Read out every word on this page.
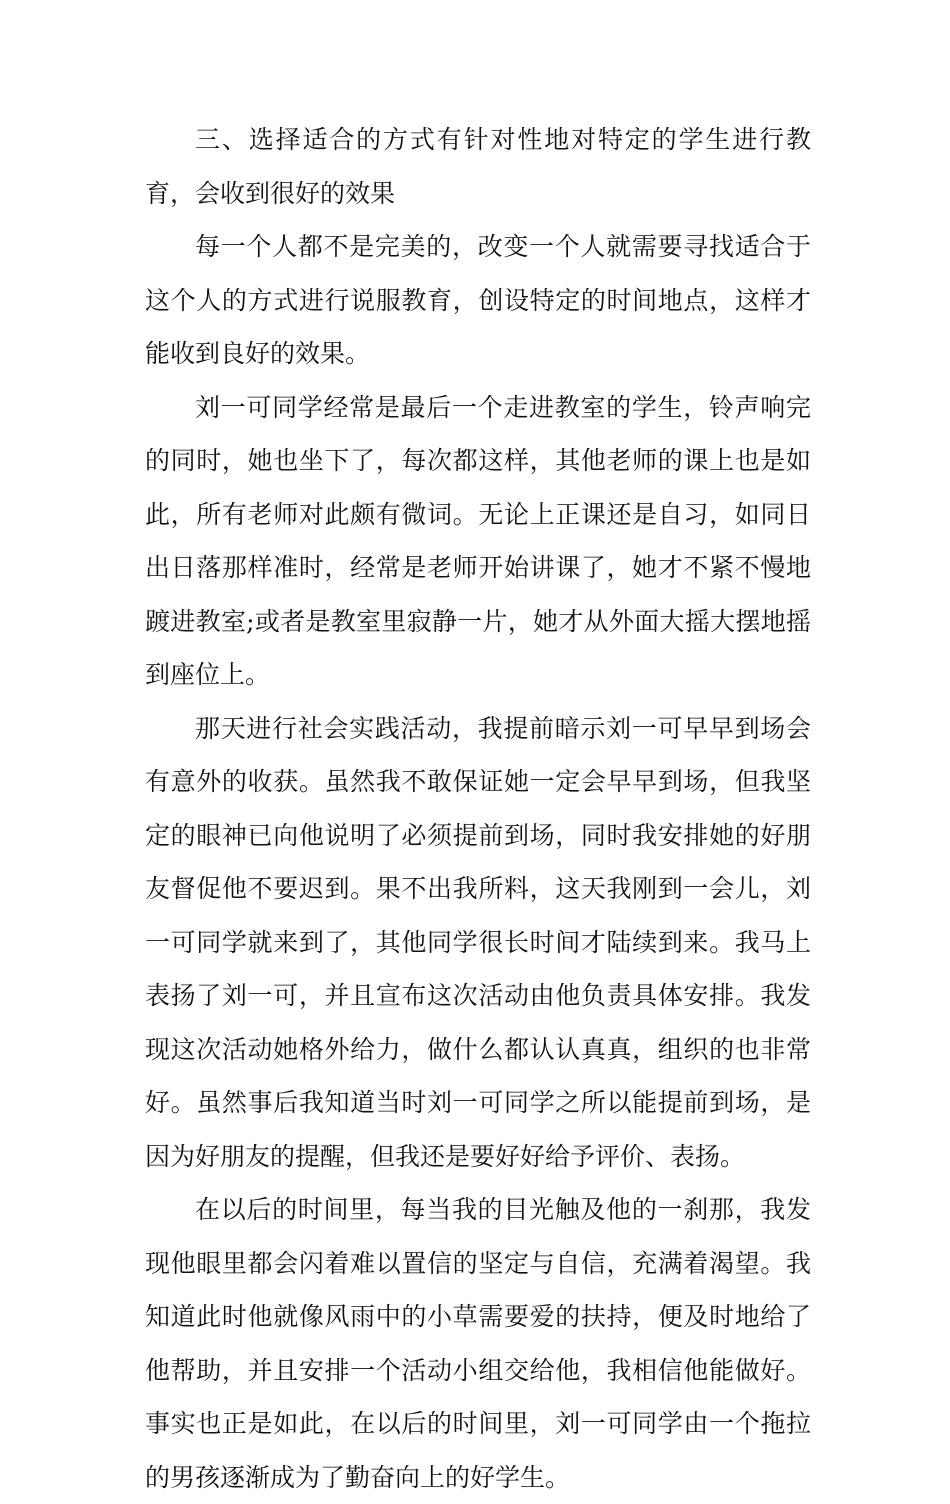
三、选择适合的方式有针对性地对特定的学生进行教育，会收到很好的效果

每一个人都不是完美的，改变一个人就需要寻找适合于这个人的方式进行说服教育，创设特定的时间地点，这样才能收到良好的效果。

刘一可同学经常是最后一个走进教室的学生，铃声响完的同时，她也坐下了，每次都这样，其他老师的课上也是如此，所有老师对此颇有微词。无论上正课还是自习，如同日出日落那样准时，经常是老师开始讲课了，她才不紧不慢地踱进教室;或者是教室里寂静一片，她才从外面大摇大摆地摇到座位上。

那天进行社会实践活动，我提前暗示刘一可早早到场会有意外的收获。虽然我不敢保证她一定会早早到场，但我坚定的眼神已向他说明了必须提前到场，同时我安排她的好朋友督促他不要迟到。果不出我所料，这天我刚到一会儿，刘一可同学就来到了，其他同学很长时间才陆续到来。我马上表扬了刘一可，并且宣布这次活动由他负责具体安排。我发现这次活动她格外给力，做什么都认认真真，组织的也非常好。虽然事后我知道当时刘一可同学之所以能提前到场，是因为好朋友的提醒，但我还是要好好给予评价、表扬。

在以后的时间里，每当我的目光触及他的一刹那，我发现他眼里都会闪着难以置信的坚定与自信，充满着渴望。我知道此时他就像风雨中的小草需要爱的扶持，便及时地给了他帮助，并且安排一个活动小组交给他，我相信他能做好。事实也正是如此，在以后的时间里，刘一可同学由一个拖拉的男孩逐渐成为了勤奋向上的好学生。
